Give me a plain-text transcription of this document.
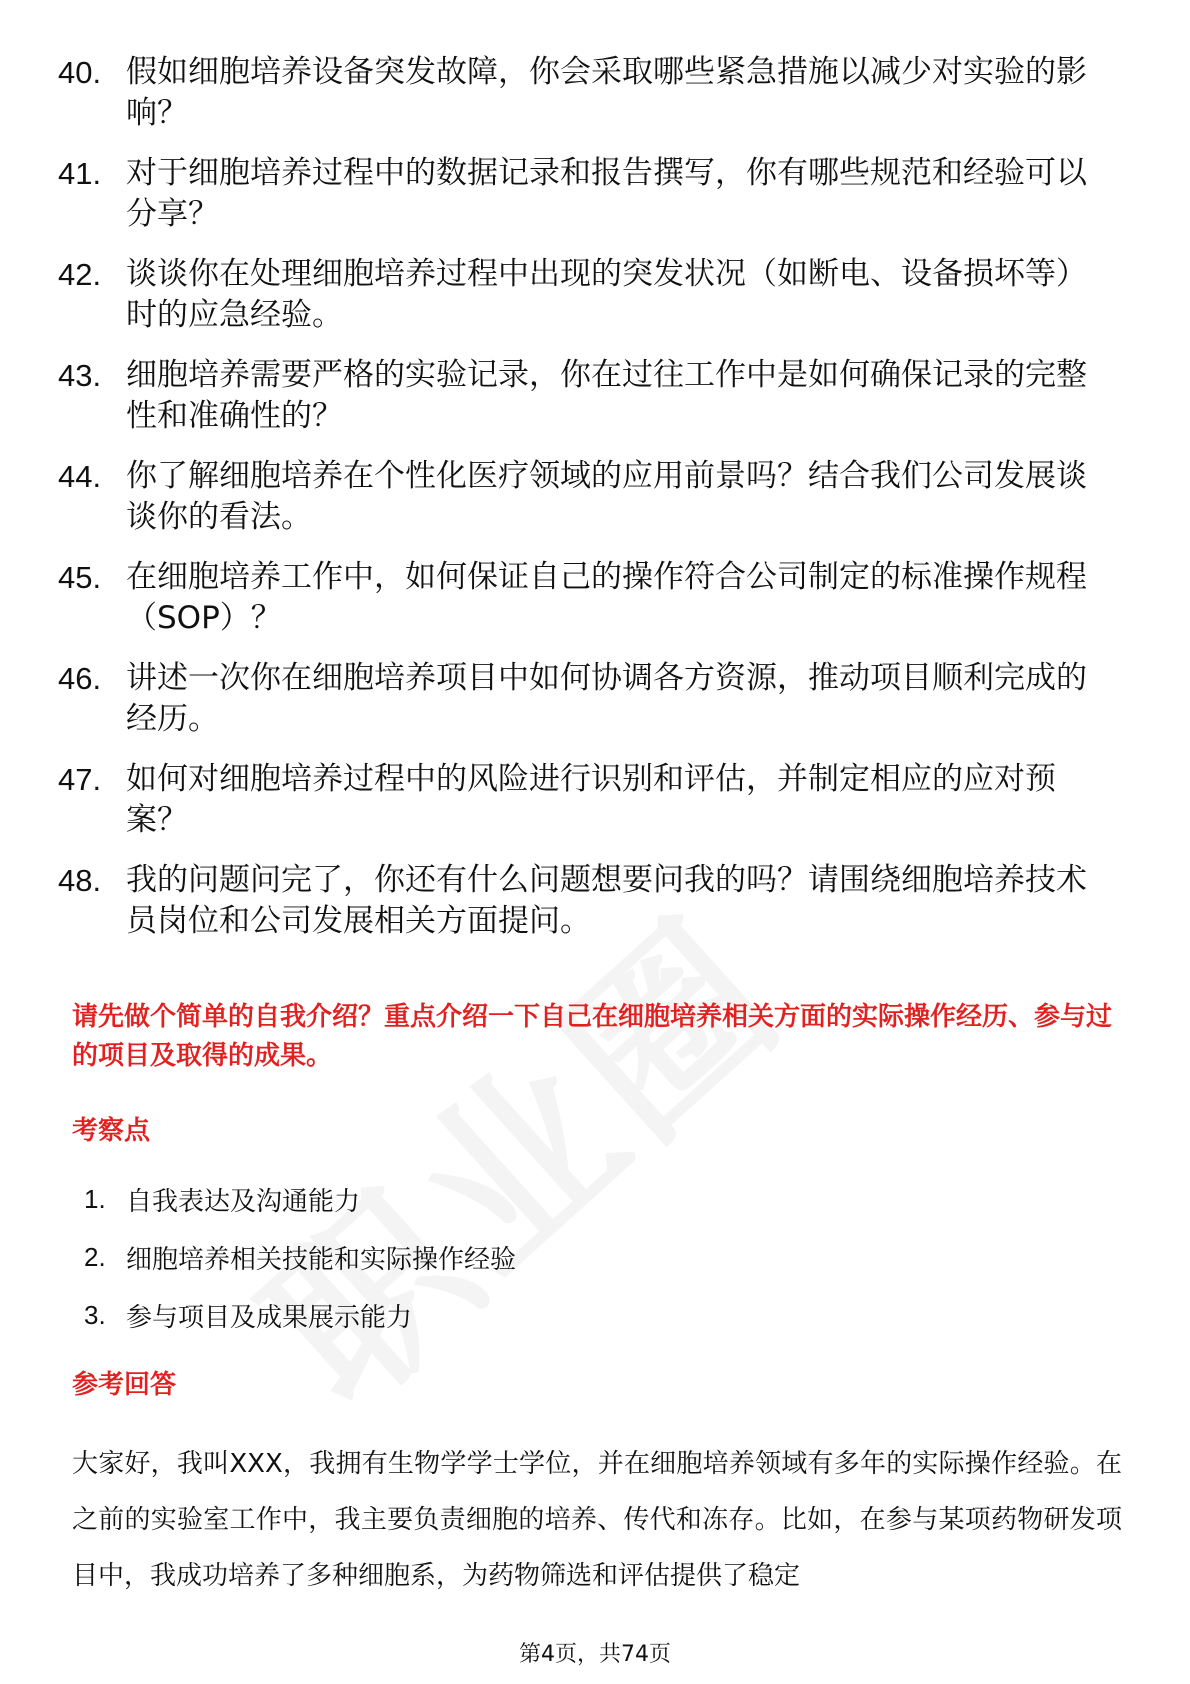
40. 假如细胞培养设备突发故障，你会采取哪些紧急措施以减少对实验的影响？
41. 对于细胞培养过程中的数据记录和报告撰写，你有哪些规范和经验可以分享？
42. 谈谈你在处理细胞培养过程中出现的突发状况（如断电、设备损坏等）时的应急经验。
43. 细胞培养需要严格的实验记录，你在过往工作中是如何确保记录的完整性和准确性的？
44. 你了解细胞培养在个性化医疗领域的应用前景吗？结合我们公司发展谈谈你的看法。
45. 在细胞培养工作中，如何保证自己的操作符合公司制定的标准操作规程（SOP）？
46. 讲述一次你在细胞培养项目中如何协调各方资源，推动项目顺利完成的经历。
47. 如何对细胞培养过程中的风险进行识别和评估，并制定相应的应对预案？
48. 我的问题问完了，你还有什么问题想要问我的吗？请围绕细胞培养技术员岗位和公司发展相关方面提问。
请先做个简单的自我介绍？重点介绍一下自己在细胞培养相关方面的实际操作经历、参与过的项目及取得的成果。
考察点
1. 自我表达及沟通能力
2. 细胞培养相关技能和实际操作经验
3. 参与项目及成果展示能力
参考回答
大家好，我叫XXX，我拥有生物学学士学位，并在细胞培养领域有多年的实际操作经验。在之前的实验室工作中，我主要负责细胞的培养、传代和冻存。比如，在参与某项药物研发项目中，我成功培养了多种细胞系，为药物筛选和评估提供了稳定
第4页，共74页
